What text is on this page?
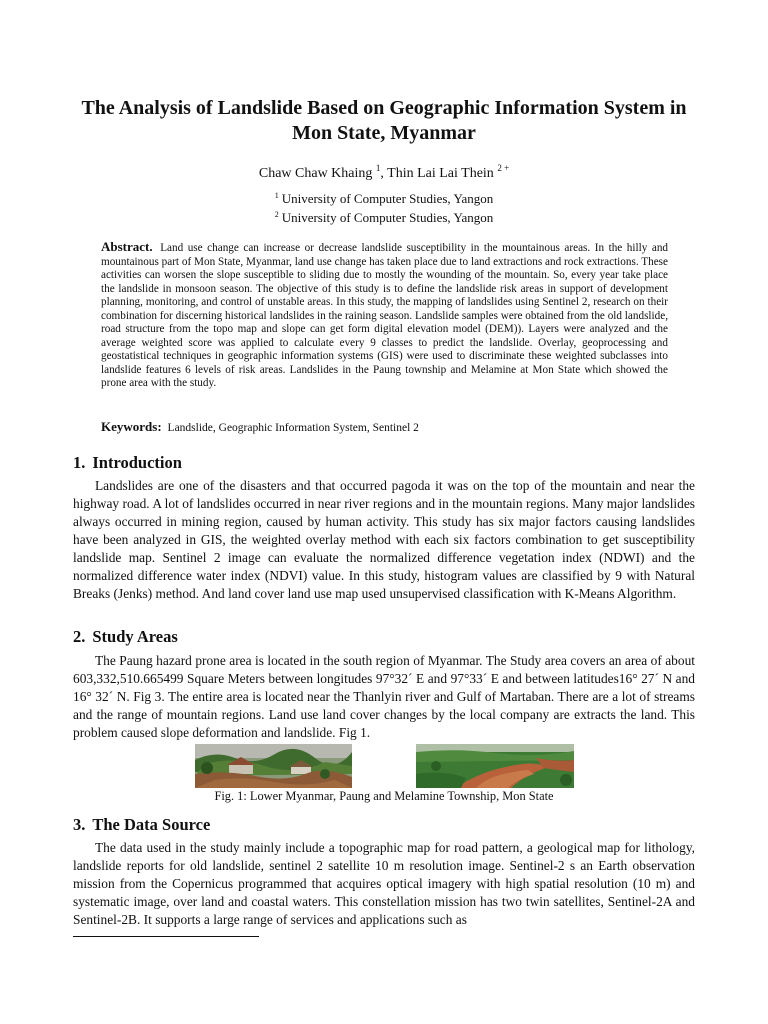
The Analysis of Landslide Based on Geographic Information System in Mon State, Myanmar
Chaw Chaw Khaing $^1$, Thin Lai Lai Thein $^{2 +}$
$^1$ University of Computer Studies, Yangon
$^2$ University of Computer Studies, Yangon
Abstract. Land use change can increase or decrease landslide susceptibility in the mountainous areas. In the hilly and mountainous part of Mon State, Myanmar, land use change has taken place due to land extractions and rock extractions. These activities can worsen the slope susceptible to sliding due to mostly the wounding of the mountain. So, every year take place the landslide in monsoon season. The objective of this study is to define the landslide risk areas in support of development planning, monitoring, and control of unstable areas. In this study, the mapping of landslides using Sentinel 2, research on their combination for discerning historical landslides in the raining season. Landslide samples were obtained from the old landslide, road structure from the topo map and slope can get form digital elevation model (DEM)). Layers were analyzed and the average weighted score was applied to calculate every 9 classes to predict the landslide. Overlay, geoprocessing and geostatistical techniques in geographic information systems (GIS) were used to discriminate these weighted subclasses into landslide features 6 levels of risk areas. Landslides in the Paung township and Melamine at Mon State which showed the prone area with the study.
Keywords: Landslide, Geographic Information System, Sentinel 2
1. Introduction

Landslides are one of the disasters and that occurred pagoda it was on the top of the mountain and near the highway road. A lot of landslides occurred in near river regions and in the mountain regions. Many major landslides always occurred in mining region, caused by human activity. This study has six major factors causing landslides have been analyzed in GIS, the weighted overlay method with each six factors combination to get susceptibility landslide map. Sentinel 2 image can evaluate the normalized difference vegetation index (NDWI) and the normalized difference water index (NDVI) value. In this study, histogram values are classified by 9 with Natural Breaks (Jenks) method. And land cover land use map used unsupervised classification with K-Means Algorithm.

2. Study Areas

The Paung hazard prone area is located in the south region of Myanmar. The Study area covers an area of about 603,332,510.665499 Square Meters between longitudes 97°32´ E and 97°33´ E and between latitudes16° 27´ N and 16° 32´ N. Fig 3. The entire area is located near the Thanlyin river and Gulf of Martaban. There are a lot of streams and the range of mountain regions. Land use land cover changes by the local company are extracts the land. This problem caused slope deformation and landslide. Fig 1.

Fig. 1: Lower Myanmar, Paung and Melamine Township, Mon State
3. The Data Source

The data used in the study mainly include a topographic map for road pattern, a geological map for lithology, landslide reports for old landslide, sentinel 2 satellite 10 m resolution image. Sentinel-2 s an Earth observation mission from the Copernicus programmed that acquires optical imagery with high spatial resolution (10 m) and systematic image, over land and coastal waters. This constellation mission has two twin satellites, Sentinel-2A and Sentinel-2B. It supports a large range of services and applications such as
